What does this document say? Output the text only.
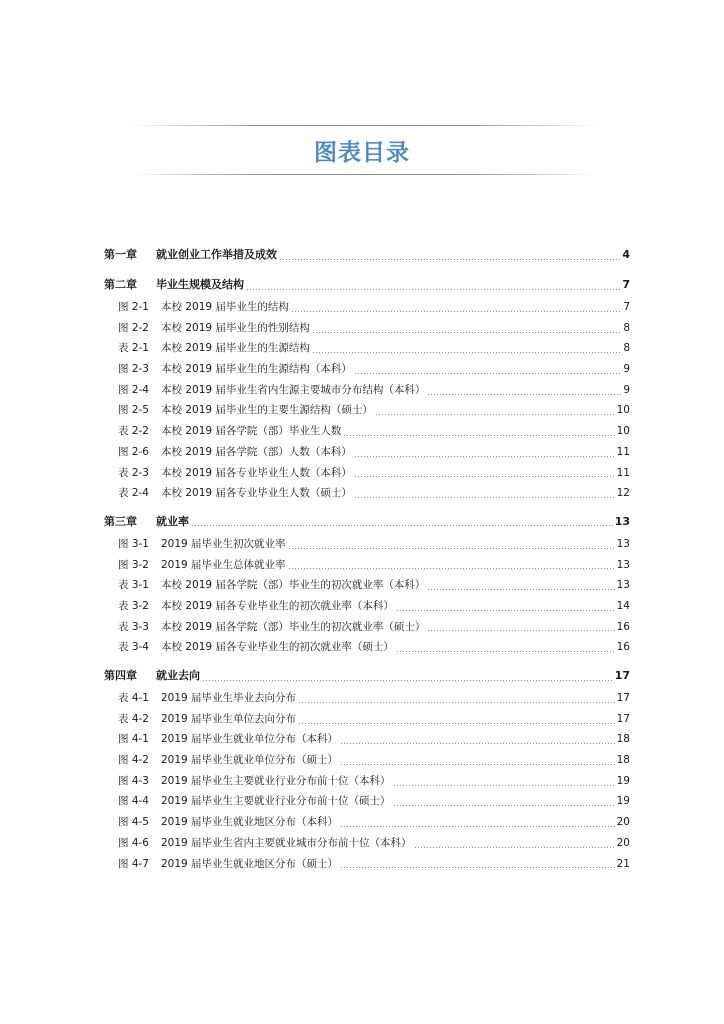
图表目录
第一章	就业创业工作举措及成效	4
第二章	毕业生规模及结构	7
图 2-1	本校 2019 届毕业生的结构	7
图 2-2	本校 2019 届毕业生的性别结构	8
表 2-1	本校 2019 届毕业生的生源结构	8
图 2-3	本校 2019 届毕业生的生源结构（本科）	9
图 2-4	本校 2019 届毕业生省内生源主要城市分布结构（本科）	9
图 2-5	本校 2019 届毕业生的主要生源结构（硕士）	10
表 2-2	本校 2019 届各学院（部）毕业生人数	10
图 2-6	本校 2019 届各学院（部）人数（本科）	11
表 2-3	本校 2019 届各专业毕业生人数（本科）	11
表 2-4	本校 2019 届各专业毕业生人数（硕士）	12
第三章	就业率	13
图 3-1	2019 届毕业生初次就业率	13
图 3-2	2019 届毕业生总体就业率	13
表 3-1	本校 2019 届各学院（部）毕业生的初次就业率（本科）	13
表 3-2	本校 2019 届各专业毕业生的初次就业率（本科）	14
表 3-3	本校 2019 届各学院（部）毕业生的初次就业率（硕士）	16
表 3-4	本校 2019 届各专业毕业生的初次就业率（硕士）	16
第四章	就业去向	17
表 4-1	2019 届毕业生毕业去向分布	17
表 4-2	2019 届毕业生单位去向分布	17
图 4-1	2019 届毕业生就业单位分布（本科）	18
图 4-2	2019 届毕业生就业单位分布（硕士）	18
图 4-3	2019 届毕业生主要就业行业分布前十位（本科）	19
图 4-4	2019 届毕业生主要就业行业分布前十位（硕士）	19
图 4-5	2019 届毕业生就业地区分布（本科）	20
图 4-6	2019 届毕业生省内主要就业城市分布前十位（本科）	20
图 4-7	2019 届毕业生就业地区分布（硕士）	21
